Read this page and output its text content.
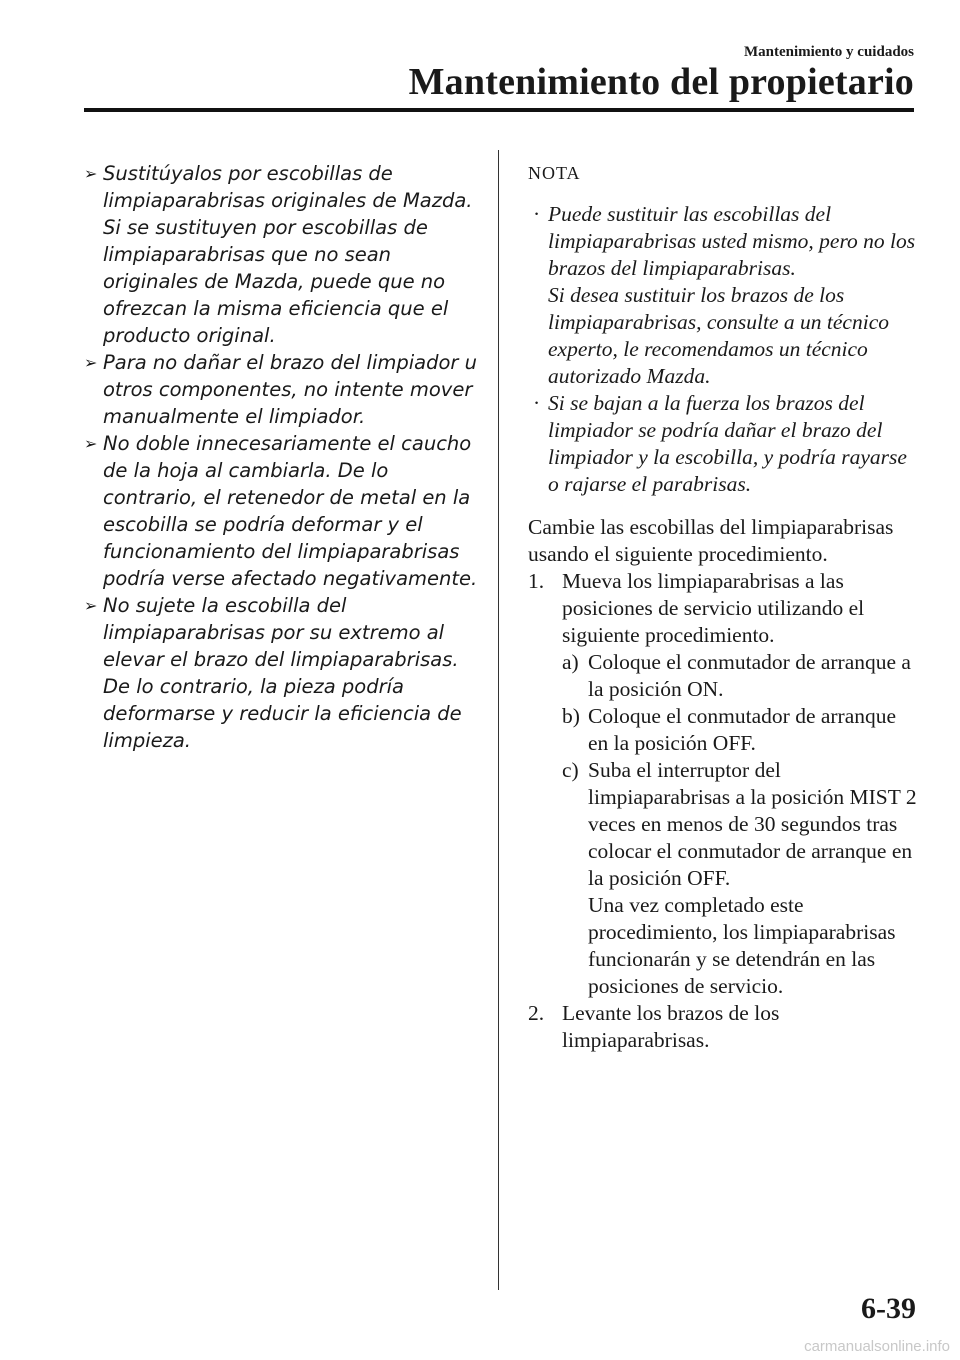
Mantenimiento y cuidados
Mantenimiento del propietario

➢ Sustitúyalos por escobillas de limpiaparabrisas originales de Mazda. Si se sustituyen por escobillas de limpiaparabrisas que no sean originales de Mazda, puede que no ofrezcan la misma eficiencia que el producto original.

➢ Para no dañar el brazo del limpiador u otros componentes, no intente mover manualmente el limpiador.

➢ No doble innecesariamente el caucho de la hoja al cambiarla. De lo contrario, el retenedor de metal en la escobilla se podría deformar y el funcionamiento del limpiaparabrisas podría verse afectado negativamente.

➢ No sujete la escobilla del limpiaparabrisas por su extremo al elevar el brazo del limpiaparabrisas. De lo contrario, la pieza podría deformarse y reducir la eficiencia de limpieza.

NOTA

· Puede sustituir las escobillas del limpiaparabrisas usted mismo, pero no los brazos del limpiaparabrisas.
Si desea sustituir los brazos de los limpiaparabrisas, consulte a un técnico experto, le recomendamos un técnico autorizado Mazda.

· Si se bajan a la fuerza los brazos del limpiador se podría dañar el brazo del limpiador y la escobilla, y podría rayarse o rajarse el parabrisas.

Cambie las escobillas del limpiaparabrisas usando el siguiente procedimiento.

1. Mueva los limpiaparabrisas a las posiciones de servicio utilizando el siguiente procedimiento.
a) Coloque el conmutador de arranque a la posición ON.
b) Coloque el conmutador de arranque en la posición OFF.
c) Suba el interruptor del limpiaparabrisas a la posición MIST 2 veces en menos de 30 segundos tras colocar el conmutador de arranque en la posición OFF.
Una vez completado este procedimiento, los limpiaparabrisas funcionarán y se detendrán en las posiciones de servicio.
2. Levante los brazos de los limpiaparabrisas.
6-39
carmanualsonline.info
